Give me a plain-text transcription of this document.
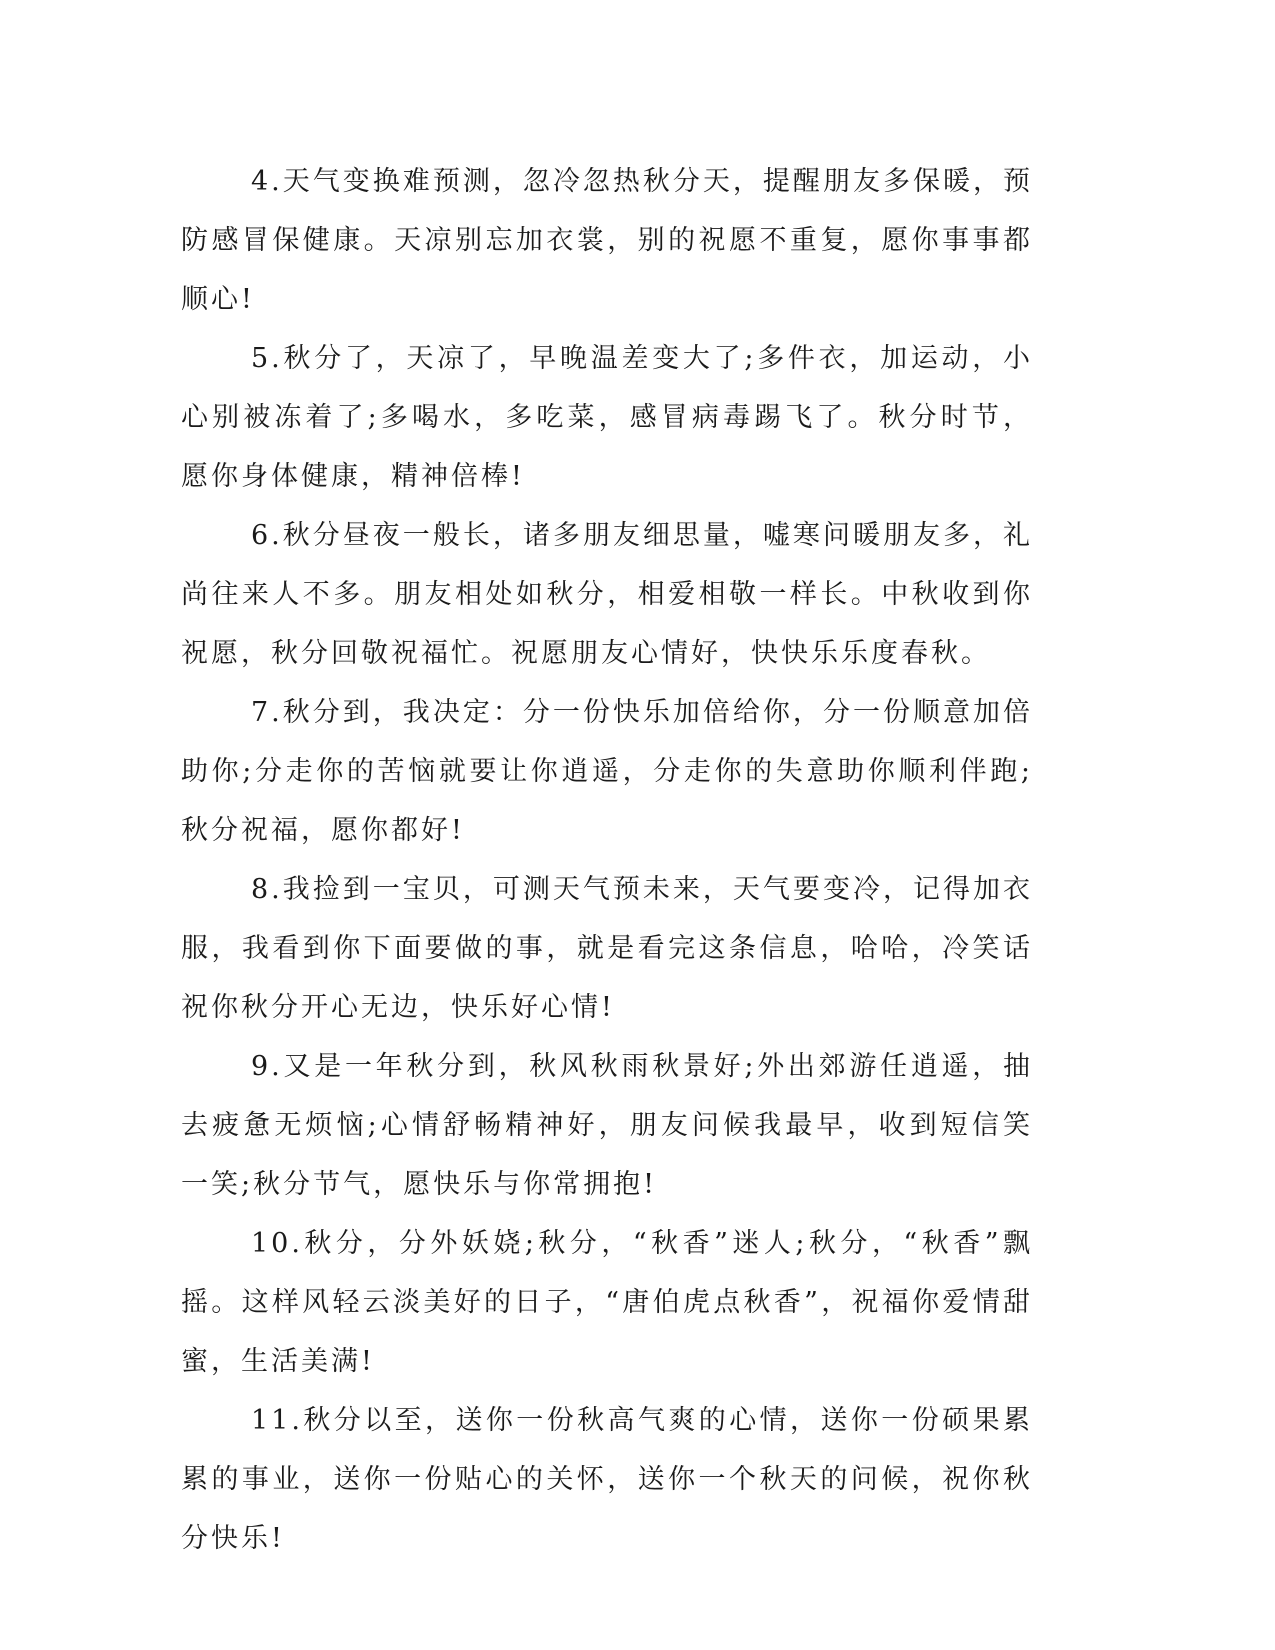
4.天气变换难预测，忽冷忽热秋分天，提醒朋友多保暖，预防感冒保健康。天凉别忘加衣裳，别的祝愿不重复，愿你事事都顺心!

5.秋分了，天凉了，早晚温差变大了;多件衣，加运动，小心别被冻着了;多喝水，多吃菜，感冒病毒踢飞了。秋分时节，愿你身体健康，精神倍棒!

6.秋分昼夜一般长，诸多朋友细思量，嘘寒问暖朋友多，礼尚往来人不多。朋友相处如秋分，相爱相敬一样长。中秋收到你祝愿，秋分回敬祝福忙。祝愿朋友心情好，快快乐乐度春秋。

7.秋分到，我决定：分一份快乐加倍给你，分一份顺意加倍助你;分走你的苦恼就要让你逍遥，分走你的失意助你顺利伴跑;秋分祝福，愿你都好!

8.我捡到一宝贝，可测天气预未来，天气要变冷，记得加衣服，我看到你下面要做的事，就是看完这条信息，哈哈，冷笑话祝你秋分开心无边，快乐好心情!

9.又是一年秋分到，秋风秋雨秋景好;外出郊游任逍遥，抽去疲惫无烦恼;心情舒畅精神好，朋友问候我最早，收到短信笑一笑;秋分节气，愿快乐与你常拥抱!

10.秋分，分外妖娆;秋分，“秋香”迷人;秋分，“秋香”飘摇。这样风轻云淡美好的日子，“唐伯虎点秋香”，祝福你爱情甜蜜，生活美满!

11.秋分以至，送你一份秋高气爽的心情，送你一份硕果累累的事业，送你一份贴心的关怀，送你一个秋天的问候，祝你秋分快乐!
